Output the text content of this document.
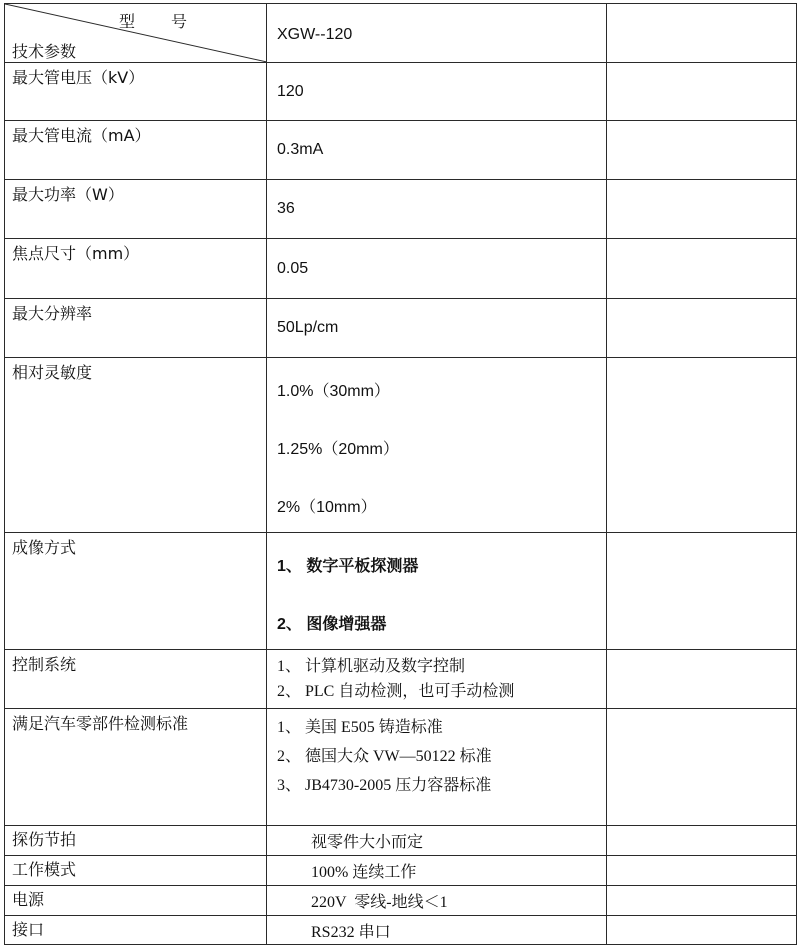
型号
技术参数	XGW--120	

最大管电压（kV）	120	

最大管电流（mA）	0.3mA	

最大功率（W）	36	

焦点尺寸（mm）	0.05	

最大分辨率	50Lp/cm	

相对灵敏度	1.0%（30mm）
1.25%（20mm）
2%（10mm）	

成像方式	1、 数字平板探测器
2、 图像增强器	

控制系统	1、 计算机驱动及数字控制
2、 PLC 自动检测，也可手动检测	

满足汽车零部件检测标准	1、 美国 E505 铸造标准
2、 德国大众 VW—50122 标准
3、 JB4730-2005 压力容器标准	

探伤节拍	视零件大小而定	

工作模式	100% 连续工作	

电源	220V  零线-地线＜1	

接口	RS232 串口	
